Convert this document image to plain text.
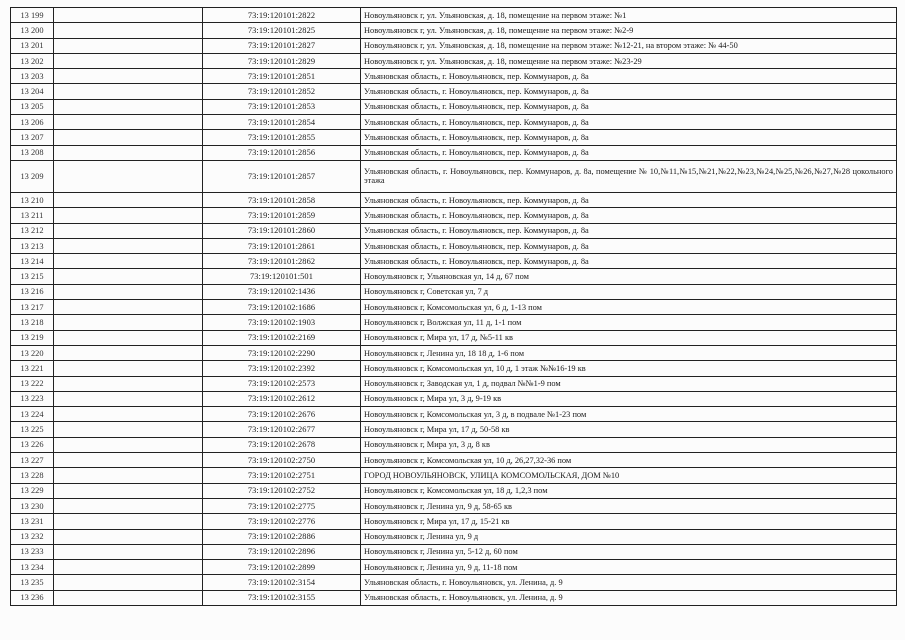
13 199		73:19:120101:2822	Новоульяновск г, ул. Ульяновская, д. 18, помещение на первом этаже: №1
13 200		73:19:120101:2825	Новоульяновск г, ул. Ульяновская, д. 18, помещение на первом этаже: №2-9
13 201		73:19:120101:2827	Новоульяновск г, ул. Ульяновская, д. 18, помещение на первом этаже: №12-21, на втором этаже: № 44-50
13 202		73:19:120101:2829	Новоульяновск г, ул. Ульяновская, д. 18, помещение на первом этаже: №23-29
13 203		73:19:120101:2851	Ульяновская область, г. Новоульяновск, пер. Коммунаров, д. 8а
13 204		73:19:120101:2852	Ульяновская область, г. Новоульяновск, пер. Коммунаров, д. 8а
13 205		73:19:120101:2853	Ульяновская область, г. Новоульяновск, пер. Коммунаров, д. 8а
13 206		73:19:120101:2854	Ульяновская область, г. Новоульяновск, пер. Коммунаров, д. 8а
13 207		73:19:120101:2855	Ульяновская область, г. Новоульяновск, пер. Коммунаров, д. 8а
13 208		73:19:120101:2856	Ульяновская область, г. Новоульяновск, пер. Коммунаров, д. 8а
13 209		73:19:120101:2857	Ульяновская область, г. Новоульяновск, пер. Коммунаров, д. 8а, помещение № 10,№11,№15,№21,№22,№23,№24,№25,№26,№27,№28 цокольного этажа
13 210		73:19:120101:2858	Ульяновская область, г. Новоульяновск, пер. Коммунаров, д. 8а
13 211		73:19:120101:2859	Ульяновская область, г. Новоульяновск, пер. Коммунаров, д. 8а
13 212		73:19:120101:2860	Ульяновская область, г. Новоульяновск, пер. Коммунаров, д. 8а
13 213		73:19:120101:2861	Ульяновская область, г. Новоульяновск, пер. Коммунаров, д. 8а
13 214		73:19:120101:2862	Ульяновская область, г. Новоульяновск, пер. Коммунаров, д. 8а
13 215		73:19:120101:501	Новоульяновск г, Ульяновская ул, 14 д, 67 пом
13 216		73:19:120102:1436	Новоульяновск г, Советская ул, 7 д
13 217		73:19:120102:1686	Новоульяновск г, Комсомольская ул, 6 д, 1-13 пом
13 218		73:19:120102:1903	Новоульяновск г, Волжская ул, 11 д, 1-1 пом
13 219		73:19:120102:2169	Новоульяновск г, Мира ул, 17 д, №5-11 кв
13 220		73:19:120102:2290	Новоульяновск г, Ленина ул, 18 18 д, 1-6 пом
13 221		73:19:120102:2392	Новоульяновск г, Комсомольская ул, 10 д, 1 этаж №№16-19 кв
13 222		73:19:120102:2573	Новоульяновск г, Заводская ул, 1 д, подвал №№1-9 пом
13 223		73:19:120102:2612	Новоульяновск г, Мира ул, 3 д, 9-19 кв
13 224		73:19:120102:2676	Новоульяновск г, Комсомольская ул, 3 д, в подвале №1-23 пом
13 225		73:19:120102:2677	Новоульяновск г, Мира ул, 17 д, 50-58 кв
13 226		73:19:120102:2678	Новоульяновск г, Мира ул, 3 д, 8 кв
13 227		73:19:120102:2750	Новоульяновск г, Комсомольская ул, 10 д, 26,27,32-36 пом
13 228		73:19:120102:2751	ГОРОД НОВОУЛЬЯНОВСК, УЛИЦА КОМСОМОЛЬСКАЯ, ДОМ №10
13 229		73:19:120102:2752	Новоульяновск г, Комсомольская ул, 18 д, 1,2,3 пом
13 230		73:19:120102:2775	Новоульяновск г, Ленина ул, 9 д, 58-65 кв
13 231		73:19:120102:2776	Новоульяновск г, Мира ул, 17 д, 15-21 кв
13 232		73:19:120102:2886	Новоульяновск г, Ленина ул, 9 д
13 233		73:19:120102:2896	Новоульяновск г, Ленина ул, 5-12 д, 60 пом
13 234		73:19:120102:2899	Новоульяновск г, Ленина ул, 9 д, 11-18 пом
13 235		73:19:120102:3154	Ульяновская область, г. Новоульяновск, ул. Ленина, д. 9
13 236		73:19:120102:3155	Ульяновская область, г. Новоульяновск, ул. Ленина, д. 9
